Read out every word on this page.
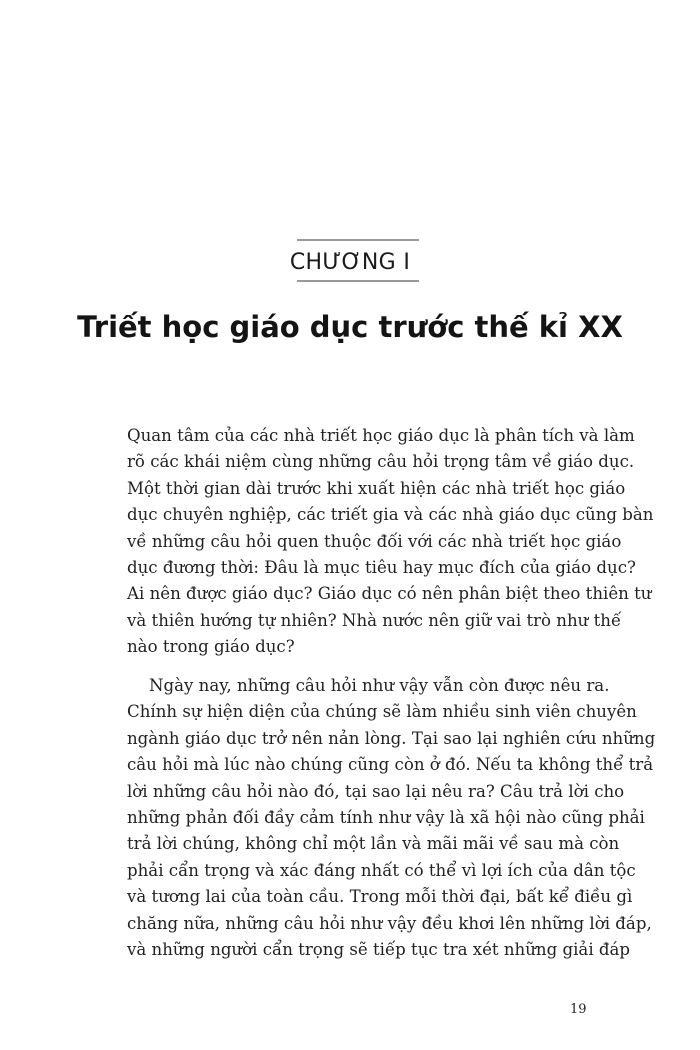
CHƯƠNG I
Triết học giáo dục trước thế kỉ XX
Quan tâm của các nhà triết học giáo dục là phân tích và làm
rõ các khái niệm cùng những câu hỏi trọng tâm về giáo dục.
Một thời gian dài trước khi xuất hiện các nhà triết học giáo
dục chuyên nghiệp, các triết gia và các nhà giáo dục cũng bàn
về những câu hỏi quen thuộc đối với các nhà triết học giáo
dục đương thời: Đâu là mục tiêu hay mục đích của giáo dục?
Ai nên được giáo dục? Giáo dục có nên phân biệt theo thiên tư
và thiên hướng tự nhiên? Nhà nước nên giữ vai trò như thế
nào trong giáo dục?
Ngày nay, những câu hỏi như vậy vẫn còn được nêu ra.
Chính sự hiện diện của chúng sẽ làm nhiều sinh viên chuyên
ngành giáo dục trở nên nản lòng. Tại sao lại nghiên cứu những
câu hỏi mà lúc nào chúng cũng còn ở đó. Nếu ta không thể trả
lời những câu hỏi nào đó, tại sao lại nêu ra? Câu trả lời cho
những phản đối đầy cảm tính như vậy là xã hội nào cũng phải
trả lời chúng, không chỉ một lần và mãi mãi về sau mà còn
phải cẩn trọng và xác đáng nhất có thể vì lợi ích của dân tộc
và tương lai của toàn cầu. Trong mỗi thời đại, bất kể điều gì
chăng nữa, những câu hỏi như vậy đều khơi lên những lời đáp,
và những người cẩn trọng sẽ tiếp tục tra xét những giải đáp
19
